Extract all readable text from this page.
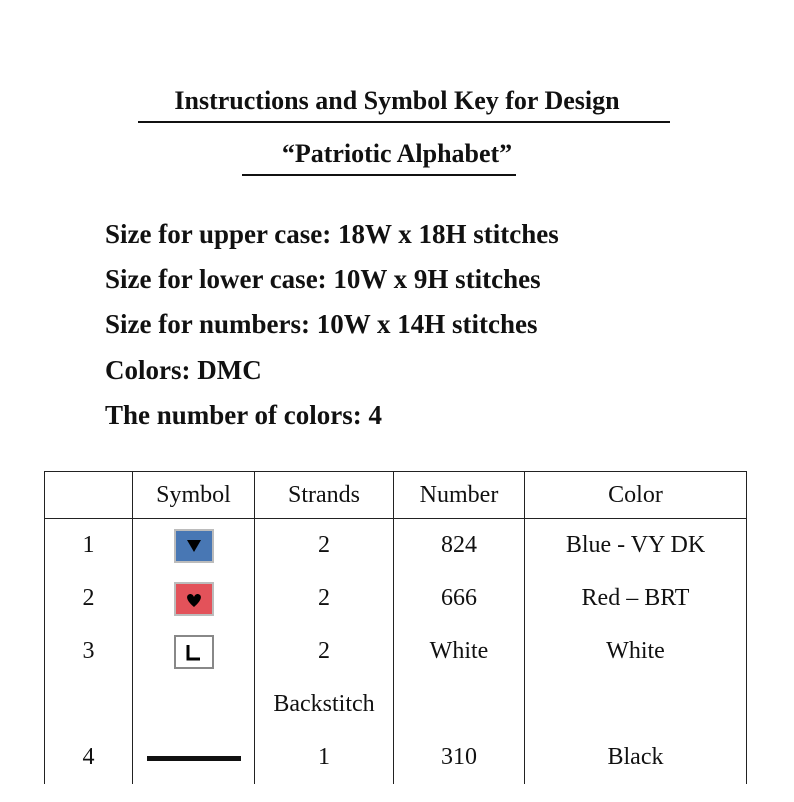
Instructions and Symbol Key for Design
“Patriotic Alphabet”

Size for upper case: 18W x 18H stitches

Size for lower case: 10W x 9H stitches

Size for numbers: 10W x 14H stitches

Colors: DMC

The number of colors: 4

	Symbol	Strands	Number	Color
1		2	824	Blue - VY DK
2		2	666	Red – BRT
3		2	White	White
		Backstitch		
4		1	310	Black
